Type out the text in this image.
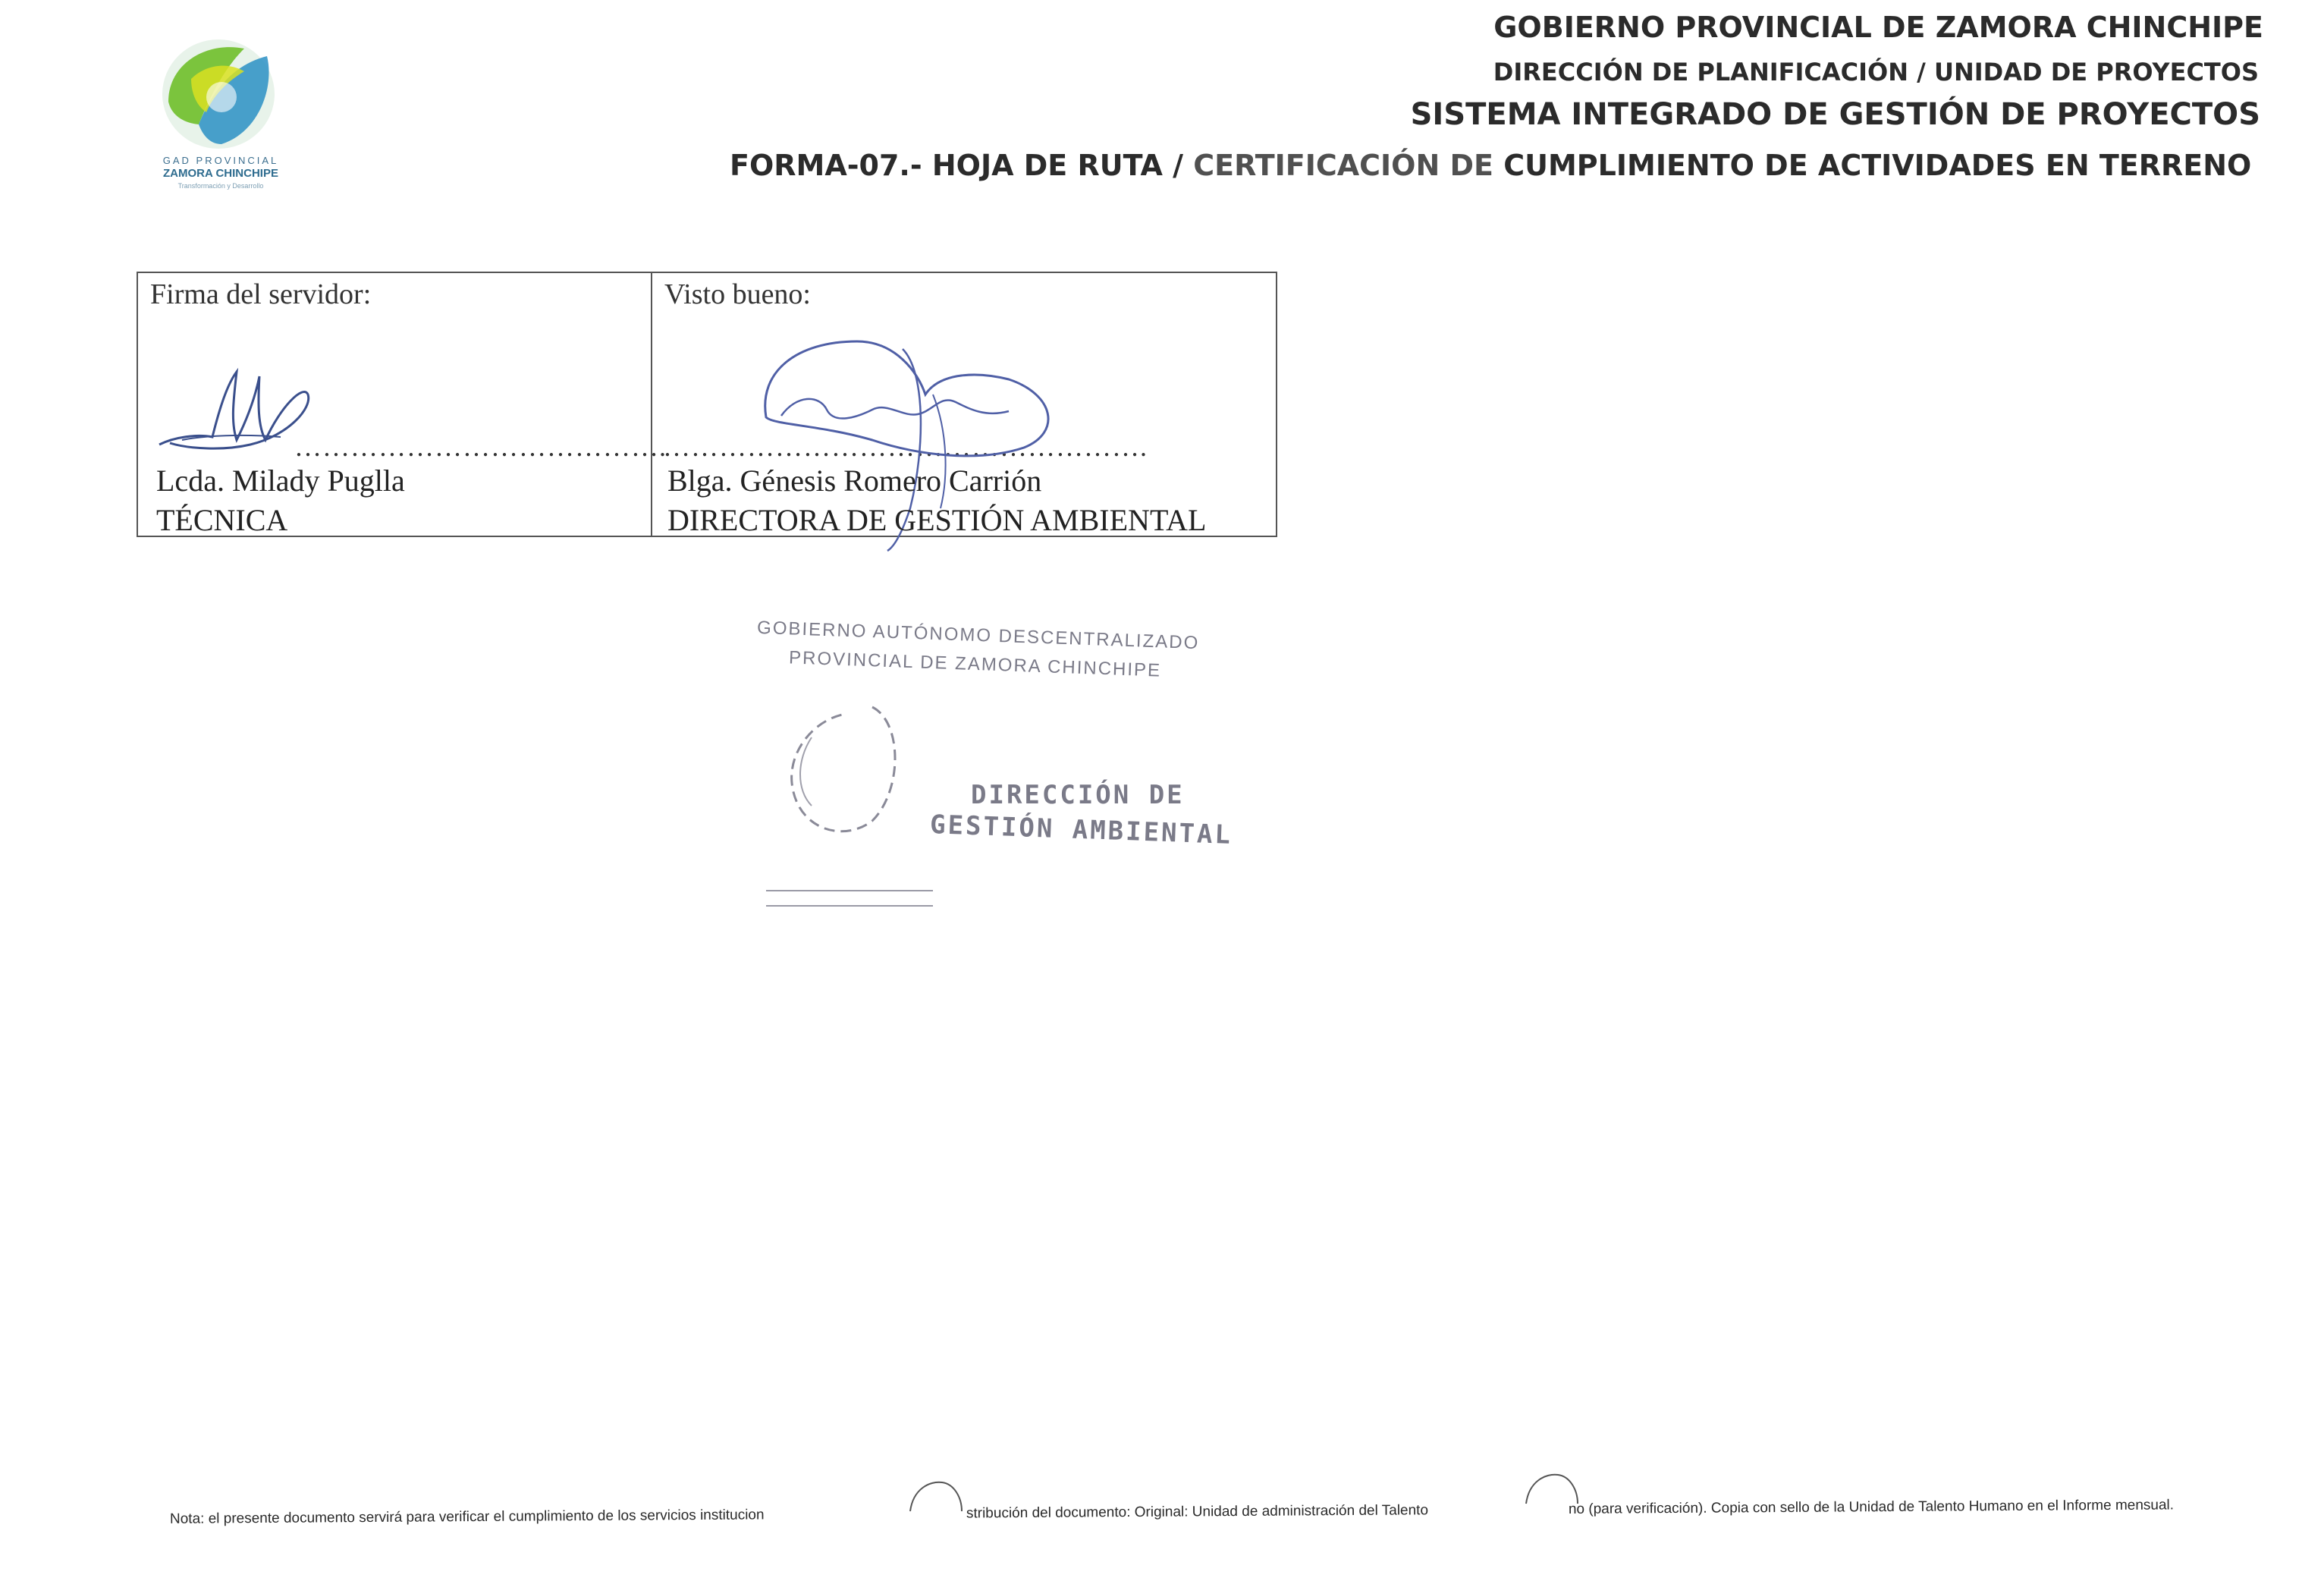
GAD PROVINCIAL
ZAMORA CHINCHIPE
Transformación y Desarrollo
GOBIERNO PROVINCIAL DE ZAMORA CHINCHIPE
DIRECCIÓN DE PLANIFICACIÓN / UNIDAD DE PROYECTOS
SISTEMA INTEGRADO DE GESTIÓN DE PROYECTOS
FORMA-07.- HOJA DE RUTA / CERTIFICACIÓN DE CUMPLIMIENTO DE ACTIVIDADES EN TERRENO
Firma del servidor:
………………………………….
Lcda. Milady Puglla
TÉCNICA

Visto bueno:
…………………………………………….
Blga. Génesis Romero Carrión
DIRECTORA DE GESTIÓN AMBIENTAL
GOBIERNO AUTÓNOMO DESCENTRALIZADO
PROVINCIAL DE ZAMORA CHINCHIPE
DIRECCIÓN DE
GESTIÓN AMBIENTAL
Nota: el presente documento servirá para verificar el cumplimiento de los servicios institucion	stribución del documento: Original: Unidad de administración del Talento	no (para verificación). Copia con sello de la Unidad de Talento Humano en el Informe mensual.
